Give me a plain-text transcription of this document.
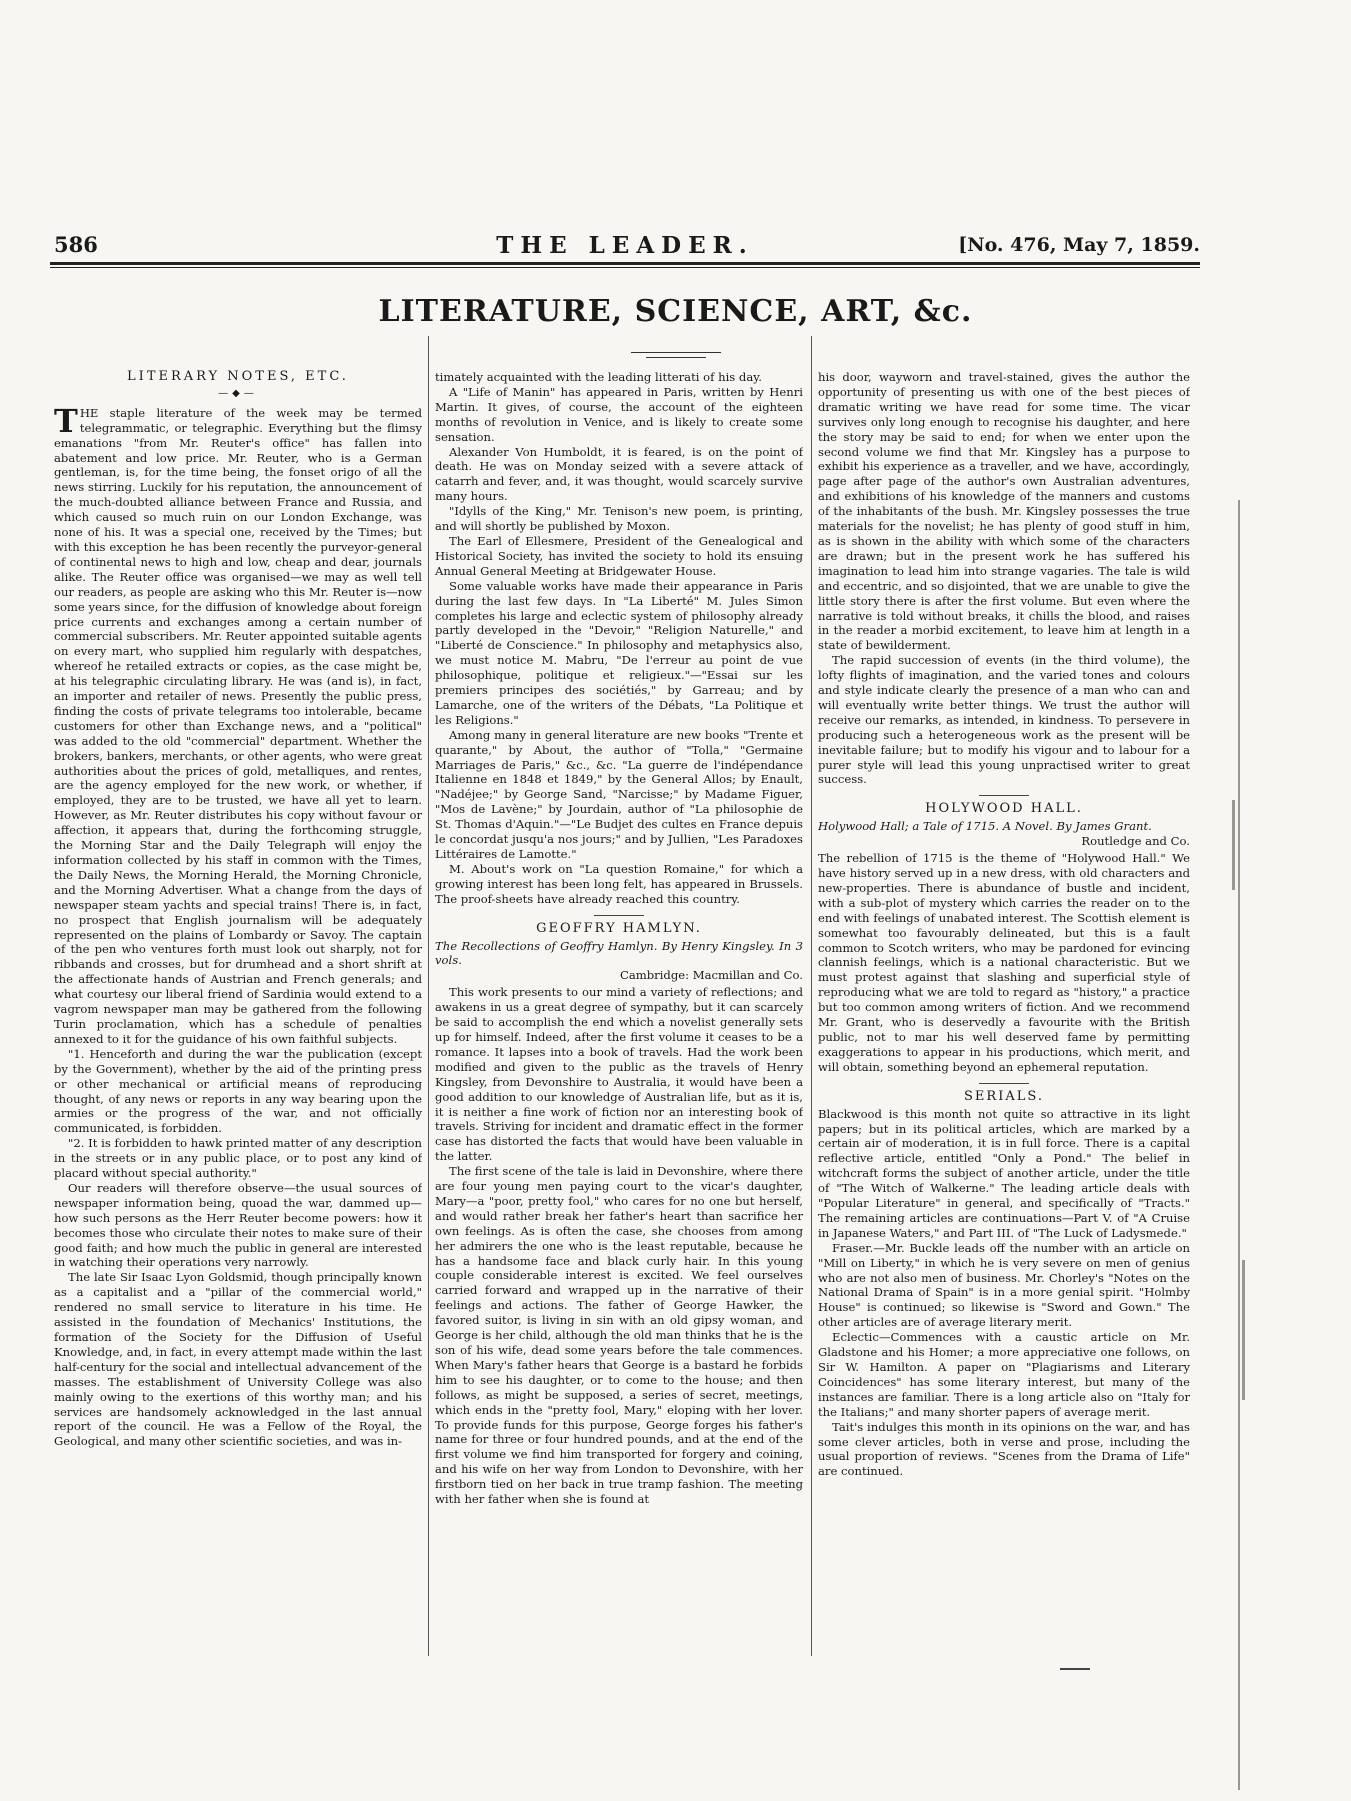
586	THE LEADER.	[No. 476, May 7, 1859.
LITERATURE, SCIENCE, ART, &c.
LITERARY NOTES, ETC.
—◆—

THE staple literature of the week may be termed telegrammatic, or telegraphic. Everything but the flimsy emanations "from Mr. Reuter's office" has fallen into abatement and low price. Mr. Reuter, who is a German gentleman, is, for the time being, the fonset origo of all the news stirring. Luckily for his reputation, the announcement of the much-doubted alliance between France and Russia, and which caused so much ruin on our London Exchange, was none of his. It was a special one, received by the Times; but with this exception he has been recently the purveyor-general of continental news to high and low, cheap and dear, journals alike. The Reuter office was organised—we may as well tell our readers, as people are asking who this Mr. Reuter is—now some years since, for the diffusion of knowledge about foreign price currents and exchanges among a certain number of commercial subscribers. Mr. Reuter appointed suitable agents on every mart, who supplied him regularly with despatches, whereof he retailed extracts or copies, as the case might be, at his telegraphic circulating library. He was (and is), in fact, an importer and retailer of news. Presently the public press, finding the costs of private telegrams too intolerable, became customers for other than Exchange news, and a "political" was added to the old "commercial" department. Whether the brokers, bankers, merchants, or other agents, who were great authorities about the prices of gold, metalliques, and rentes, are the agency employed for the new work, or whether, if employed, they are to be trusted, we have all yet to learn. However, as Mr. Reuter distributes his copy without favour or affection, it appears that, during the forthcoming struggle, the Morning Star and the Daily Telegraph will enjoy the information collected by his staff in common with the Times, the Daily News, the Morning Herald, the Morning Chronicle, and the Morning Advertiser. What a change from the days of newspaper steam yachts and special trains! There is, in fact, no prospect that English journalism will be adequately represented on the plains of Lombardy or Savoy. The captain of the pen who ventures forth must look out sharply, not for ribbands and crosses, but for drumhead and a short shrift at the affectionate hands of Austrian and French generals; and what courtesy our liberal friend of Sardinia would extend to a vagrom newspaper man may be gathered from the following Turin proclamation, which has a schedule of penalties annexed to it for the guidance of his own faithful subjects.

"1. Henceforth and during the war the publication (except by the Government), whether by the aid of the printing press or other mechanical or artificial means of reproducing thought, of any news or reports in any way bearing upon the armies or the progress of the war, and not officially communicated, is forbidden.

"2. It is forbidden to hawk printed matter of any description in the streets or in any public place, or to post any kind of placard without special authority."

Our readers will therefore observe—the usual sources of newspaper information being, quoad the war, dammed up—how such persons as the Herr Reuter become powers: how it becomes those who circulate their notes to make sure of their good faith; and how much the public in general are interested in watching their operations very narrowly.

The late Sir Isaac Lyon Goldsmid, though principally known as a capitalist and a "pillar of the commercial world," rendered no small service to literature in his time. He assisted in the foundation of Mechanics' Institutions, the formation of the Society for the Diffusion of Useful Knowledge, and, in fact, in every attempt made within the last half-century for the social and intellectual advancement of the masses. The establishment of University College was also mainly owing to the exertions of this worthy man; and his services are handsomely acknowledged in the last annual report of the council. He was a Fellow of the Royal, the Geological, and many other scientific societies, and was in-

timately acquainted with the leading litterati of his day.

A "Life of Manin" has appeared in Paris, written by Henri Martin. It gives, of course, the account of the eighteen months of revolution in Venice, and is likely to create some sensation.

Alexander Von Humboldt, it is feared, is on the point of death. He was on Monday seized with a severe attack of catarrh and fever, and, it was thought, would scarcely survive many hours.

"Idylls of the King," Mr. Tenison's new poem, is printing, and will shortly be published by Moxon.

The Earl of Ellesmere, President of the Genealogical and Historical Society, has invited the society to hold its ensuing Annual General Meeting at Bridgewater House.

Some valuable works have made their appearance in Paris during the last few days. In "La Liberté" M. Jules Simon completes his large and eclectic system of philosophy already partly developed in the "Devoir," "Religion Naturelle," and "Liberté de Conscience." In philosophy and metaphysics also, we must notice M. Mabru, "De l'erreur au point de vue philosophique, politique et religieux."—"Essai sur les premiers principes des sociétiés," by Garreau; and by Lamarche, one of the writers of the Débats, "La Politique et les Religions."

Among many in general literature are new books "Trente et quarante," by About, the author of "Tolla," "Germaine Marriages de Paris," &c., &c. "La guerre de l'indépendance Italienne en 1848 et 1849," by the General Allos; by Enault, "Nadéjee;" by George Sand, "Narcisse;" by Madame Figuer, "Mos de Lavène;" by Jourdain, author of "La philosophie de St. Thomas d'Aquin."—"Le Budjet des cultes en France depuis le concordat jusqu'a nos jours;" and by Jullien, "Les Paradoxes Littéraires de Lamotte."

M. About's work on "La question Romaine," for which a growing interest has been long felt, has appeared in Brussels. The proof-sheets have already reached this country.

GEOFFRY HAMLYN.

The Recollections of Geoffry Hamlyn. By Henry Kingsley. In 3 vols.

Cambridge: Macmillan and Co.

This work presents to our mind a variety of reflections; and awakens in us a great degree of sympathy, but it can scarcely be said to accomplish the end which a novelist generally sets up for himself. Indeed, after the first volume it ceases to be a romance. It lapses into a book of travels. Had the work been modified and given to the public as the travels of Henry Kingsley, from Devonshire to Australia, it would have been a good addition to our knowledge of Australian life, but as it is, it is neither a fine work of fiction nor an interesting book of travels. Striving for incident and dramatic effect in the former case has distorted the facts that would have been valuable in the latter.

The first scene of the tale is laid in Devonshire, where there are four young men paying court to the vicar's daughter, Mary—a "poor, pretty fool," who cares for no one but herself, and would rather break her father's heart than sacrifice her own feelings. As is often the case, she chooses from among her admirers the one who is the least reputable, because he has a handsome face and black curly hair. In this young couple considerable interest is excited. We feel ourselves carried forward and wrapped up in the narrative of their feelings and actions. The father of George Hawker, the favored suitor, is living in sin with an old gipsy woman, and George is her child, although the old man thinks that he is the son of his wife, dead some years before the tale commences. When Mary's father hears that George is a bastard he forbids him to see his daughter, or to come to the house; and then follows, as might be supposed, a series of secret, meetings, which ends in the "pretty fool, Mary," eloping with her lover. To provide funds for this purpose, George forges his father's name for three or four hundred pounds, and at the end of the first volume we find him transported for forgery and coining, and his wife on her way from London to Devonshire, with her firstborn tied on her back in true tramp fashion. The meeting with her father when she is found at

his door, wayworn and travel-stained, gives the author the opportunity of presenting us with one of the best pieces of dramatic writing we have read for some time. The vicar survives only long enough to recognise his daughter, and here the story may be said to end; for when we enter upon the second volume we find that Mr. Kingsley has a purpose to exhibit his experience as a traveller, and we have, accordingly, page after page of the author's own Australian adventures, and exhibitions of his knowledge of the manners and customs of the inhabitants of the bush. Mr. Kingsley possesses the true materials for the novelist; he has plenty of good stuff in him, as is shown in the ability with which some of the characters are drawn; but in the present work he has suffered his imagination to lead him into strange vagaries. The tale is wild and eccentric, and so disjointed, that we are unable to give the little story there is after the first volume. But even where the narrative is told without breaks, it chills the blood, and raises in the reader a morbid excitement, to leave him at length in a state of bewilderment.

The rapid succession of events (in the third volume), the lofty flights of imagination, and the varied tones and colours and style indicate clearly the presence of a man who can and will eventually write better things. We trust the author will receive our remarks, as intended, in kindness. To persevere in producing such a heterogeneous work as the present will be inevitable failure; but to modify his vigour and to labour for a purer style will lead this young unpractised writer to great success.

HOLYWOOD HALL.

Holywood Hall; a Tale of 1715. A Novel. By James Grant.

Routledge and Co.

The rebellion of 1715 is the theme of "Holywood Hall." We have history served up in a new dress, with old characters and new-properties. There is abundance of bustle and incident, with a sub-plot of mystery which carries the reader on to the end with feelings of unabated interest. The Scottish element is somewhat too favourably delineated, but this is a fault common to Scotch writers, who may be pardoned for evincing clannish feelings, which is a national characteristic. But we must protest against that slashing and superficial style of reproducing what we are told to regard as "history," a practice but too common among writers of fiction. And we recommend Mr. Grant, who is deservedly a favourite with the British public, not to mar his well deserved fame by permitting exaggerations to appear in his productions, which merit, and will obtain, something beyond an ephemeral reputation.

SERIALS.

Blackwood is this month not quite so attractive in its light papers; but in its political articles, which are marked by a certain air of moderation, it is in full force. There is a capital reflective article, entitled "Only a Pond." The belief in witchcraft forms the subject of another article, under the title of "The Witch of Walkerne." The leading article deals with "Popular Literature" in general, and specifically of "Tracts." The remaining articles are continuations—Part V. of "A Cruise in Japanese Waters," and Part III. of "The Luck of Ladysmede."

Fraser.—Mr. Buckle leads off the number with an article on "Mill on Liberty," in which he is very severe on men of genius who are not also men of business. Mr. Chorley's "Notes on the National Drama of Spain" is in a more genial spirit. "Holmby House" is continued; so likewise is "Sword and Gown." The other articles are of average literary merit.

Eclectic—Commences with a caustic article on Mr. Gladstone and his Homer; a more appreciative one follows, on Sir W. Hamilton. A paper on "Plagiarisms and Literary Coincidences" has some literary interest, but many of the instances are familiar. There is a long article also on "Italy for the Italians;" and many shorter papers of average merit.

Tait's indulges this month in its opinions on the war, and has some clever articles, both in verse and prose, including the usual proportion of reviews. "Scenes from the Drama of Life" are continued.
